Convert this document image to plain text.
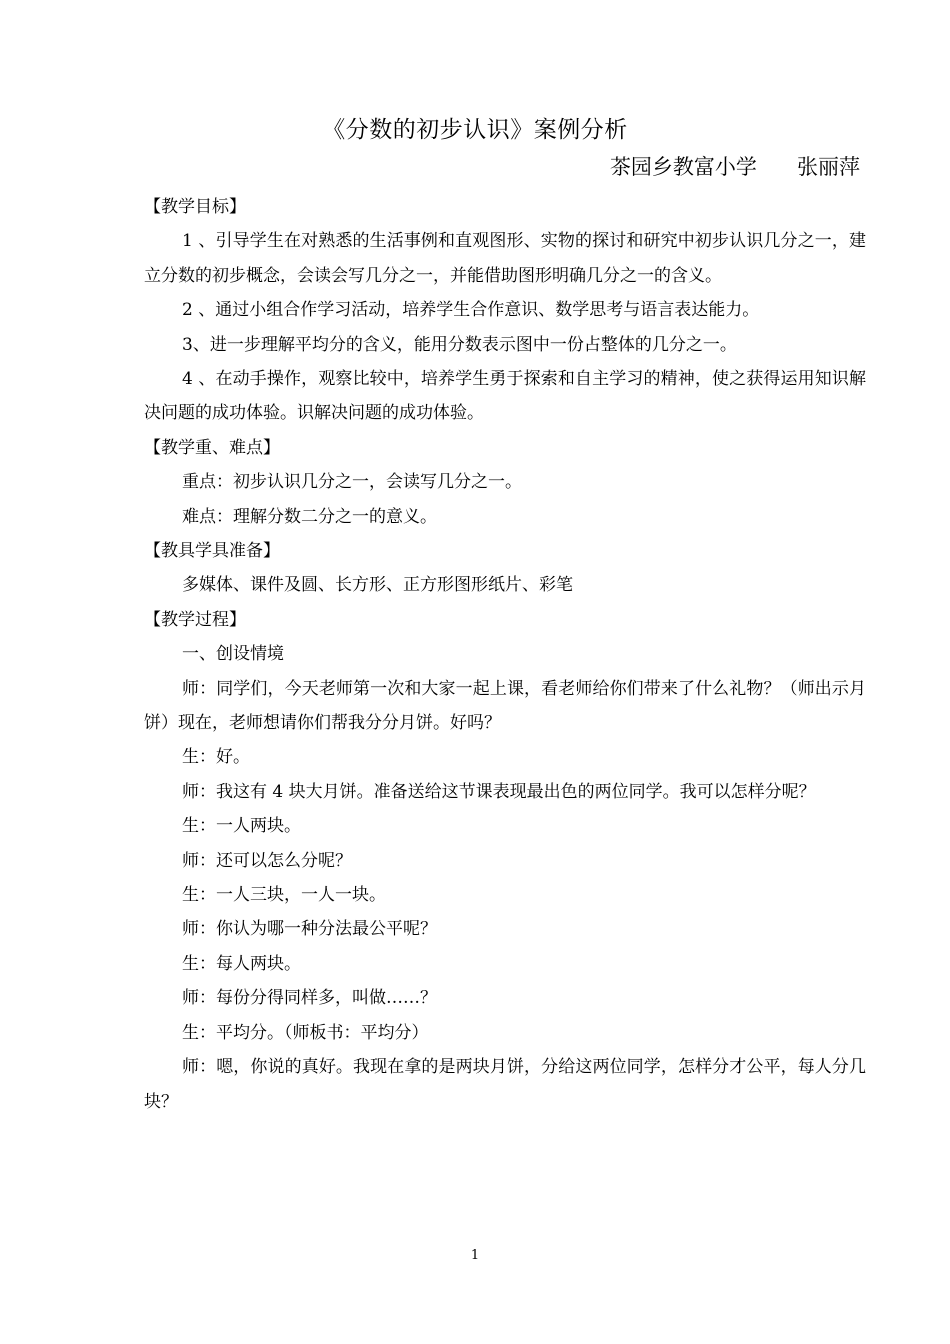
《分数的初步认识》案例分析
茶园乡教富小学      张丽萍
【教学目标】
1 、引导学生在对熟悉的生活事例和直观图形、实物的探讨和研究中初步认识几分之一，建立分数的初步概念，会读会写几分之一，并能借助图形明确几分之一的含义。
2 、通过小组合作学习活动，培养学生合作意识、数学思考与语言表达能力。
3、进一步理解平均分的含义，能用分数表示图中一份占整体的几分之一。
4 、在动手操作，观察比较中，培养学生勇于探索和自主学习的精神，使之获得运用知识解决问题的成功体验。识解决问题的成功体验。
【教学重、难点】
重点：初步认识几分之一，会读写几分之一。
难点：理解分数二分之一的意义。
【教具学具准备】
多媒体、课件及圆、长方形、正方形图形纸片、彩笔
【教学过程】
一、创设情境
师：同学们，今天老师第一次和大家一起上课，看老师给你们带来了什么礼物？（师出示月饼）现在，老师想请你们帮我分分月饼。好吗？
生：好。
师：我这有 4 块大月饼。准备送给这节课表现最出色的两位同学。我可以怎样分呢？
生：一人两块。
师：还可以怎么分呢？
生：一人三块，一人一块。
师：你认为哪一种分法最公平呢？
生：每人两块。
师：每份分得同样多，叫做……？
生：平均分。（师板书：平均分）
师：嗯，你说的真好。我现在拿的是两块月饼，分给这两位同学，怎样分才公平，每人分几块？
1
